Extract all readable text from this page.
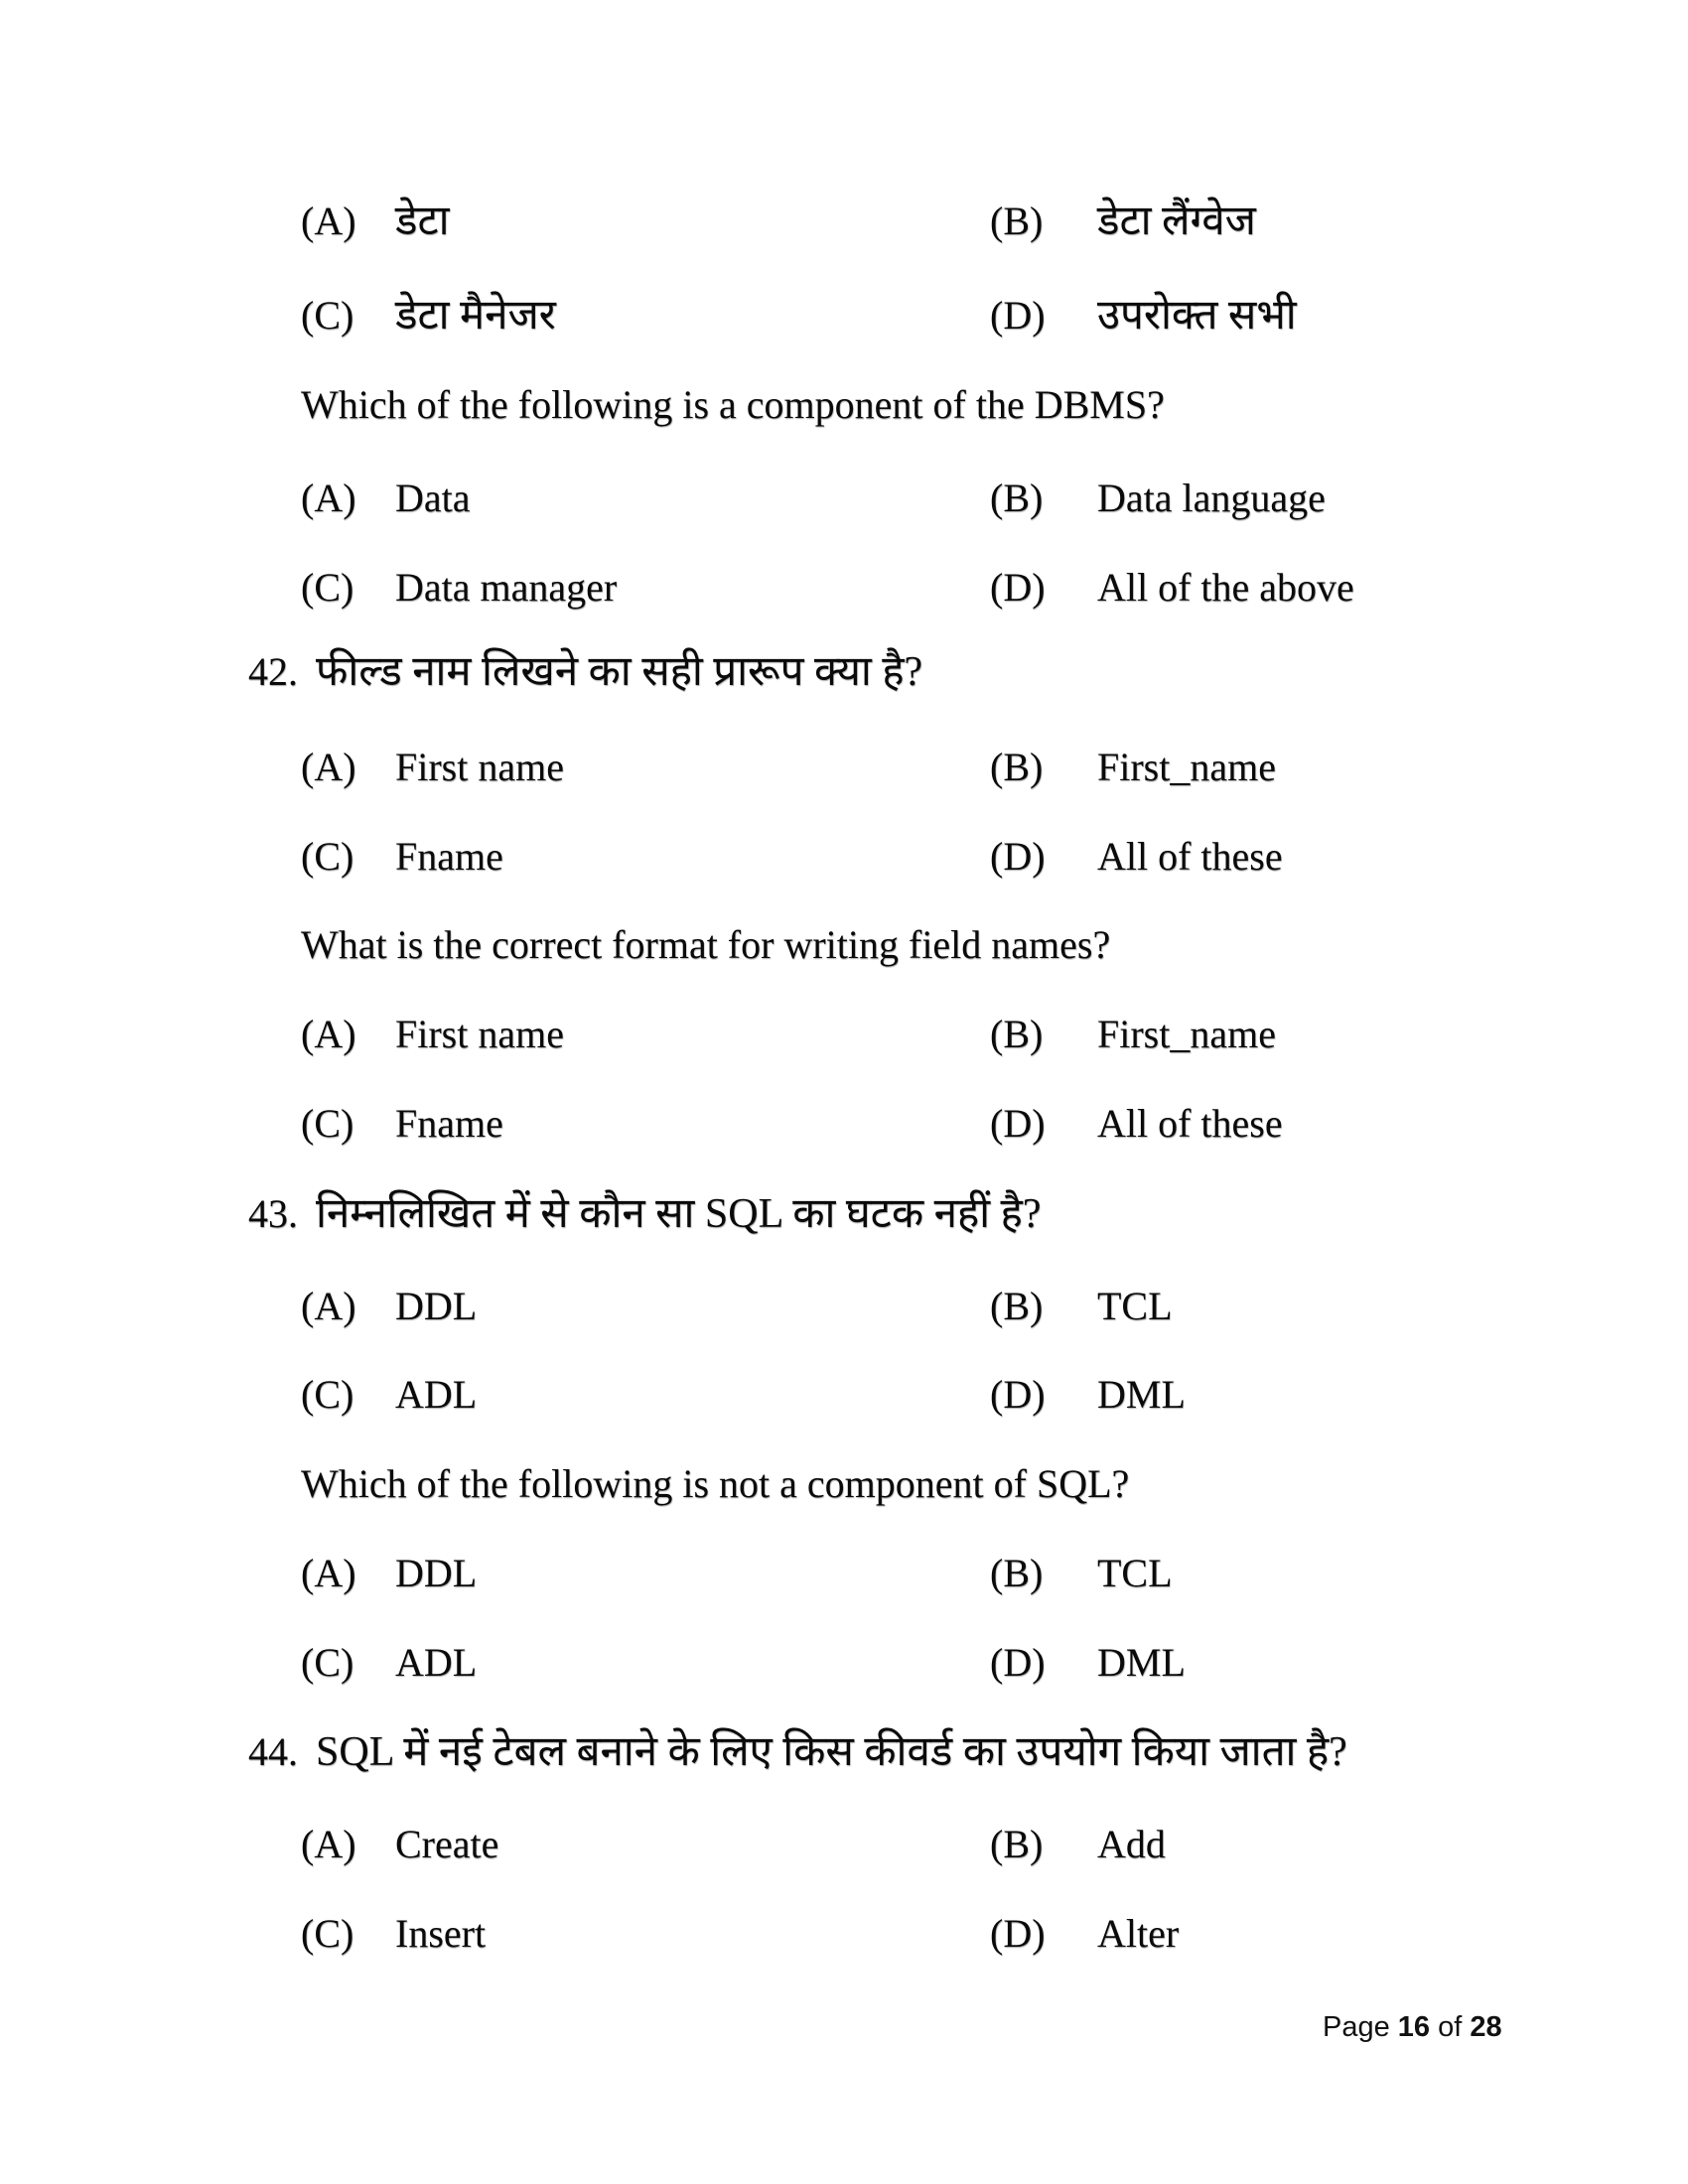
(A) डेटा	(B) डेटा लैंग्वेज
(C) डेटा मैनेजर	(D) उपरोक्त सभी
Which of the following is a component of the DBMS?
(A) Data	(B) Data language
(C) Data manager	(D) All of the above
42. फील्ड नाम लिखने का सही प्रारूप क्या है?
(A) First name	(B) First_name
(C) Fname	(D) All of these
What is the correct format for writing field names?
(A) First name	(B) First_name
(C) Fname	(D) All of these
43. निम्नलिखित में से कौन सा SQL का घटक नहीं है?
(A) DDL	(B) TCL
(C) ADL	(D) DML
Which of the following is not a component of SQL?
(A) DDL	(B) TCL
(C) ADL	(D) DML
44. SQL में नई टेबल बनाने के लिए किस कीवर्ड का उपयोग किया जाता है?
(A) Create	(B) Add
(C) Insert	(D) Alter
Page 16 of 28
